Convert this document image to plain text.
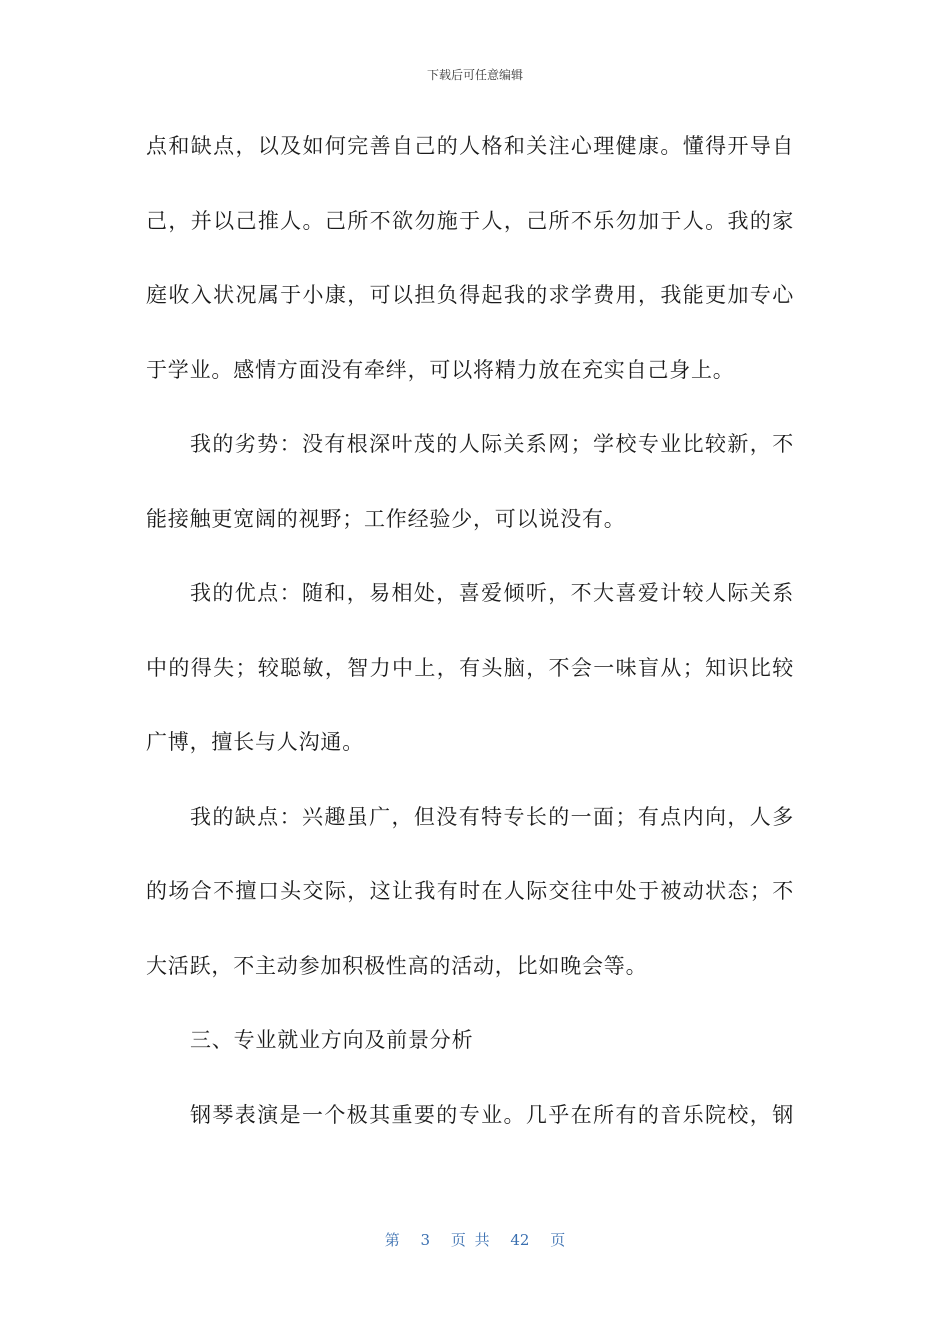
下载后可任意编辑
点和缺点，以及如何完善自己的人格和关注心理健康。懂得开导自
己，并以己推人。己所不欲勿施于人，己所不乐勿加于人。我的家
庭收入状况属于小康，可以担负得起我的求学费用，我能更加专心
于学业。感情方面没有牵绊，可以将精力放在充实自己身上。
我的劣势：没有根深叶茂的人际关系网；学校专业比较新，不
能接触更宽阔的视野；工作经验少，可以说没有。
我的优点：随和，易相处，喜爱倾听，不大喜爱计较人际关系
中的得失；较聪敏，智力中上，有头脑，不会一味盲从；知识比较
广博，擅长与人沟通。
我的缺点：兴趣虽广，但没有特专长的一面；有点内向，人多
的场合不擅口头交际，这让我有时在人际交往中处于被动状态；不
大活跃，不主动参加积极性高的活动，比如晚会等。
三、专业就业方向及前景分析
钢琴表演是一个极其重要的专业。几乎在所有的音乐院校，钢
第 3 页 共 42 页
